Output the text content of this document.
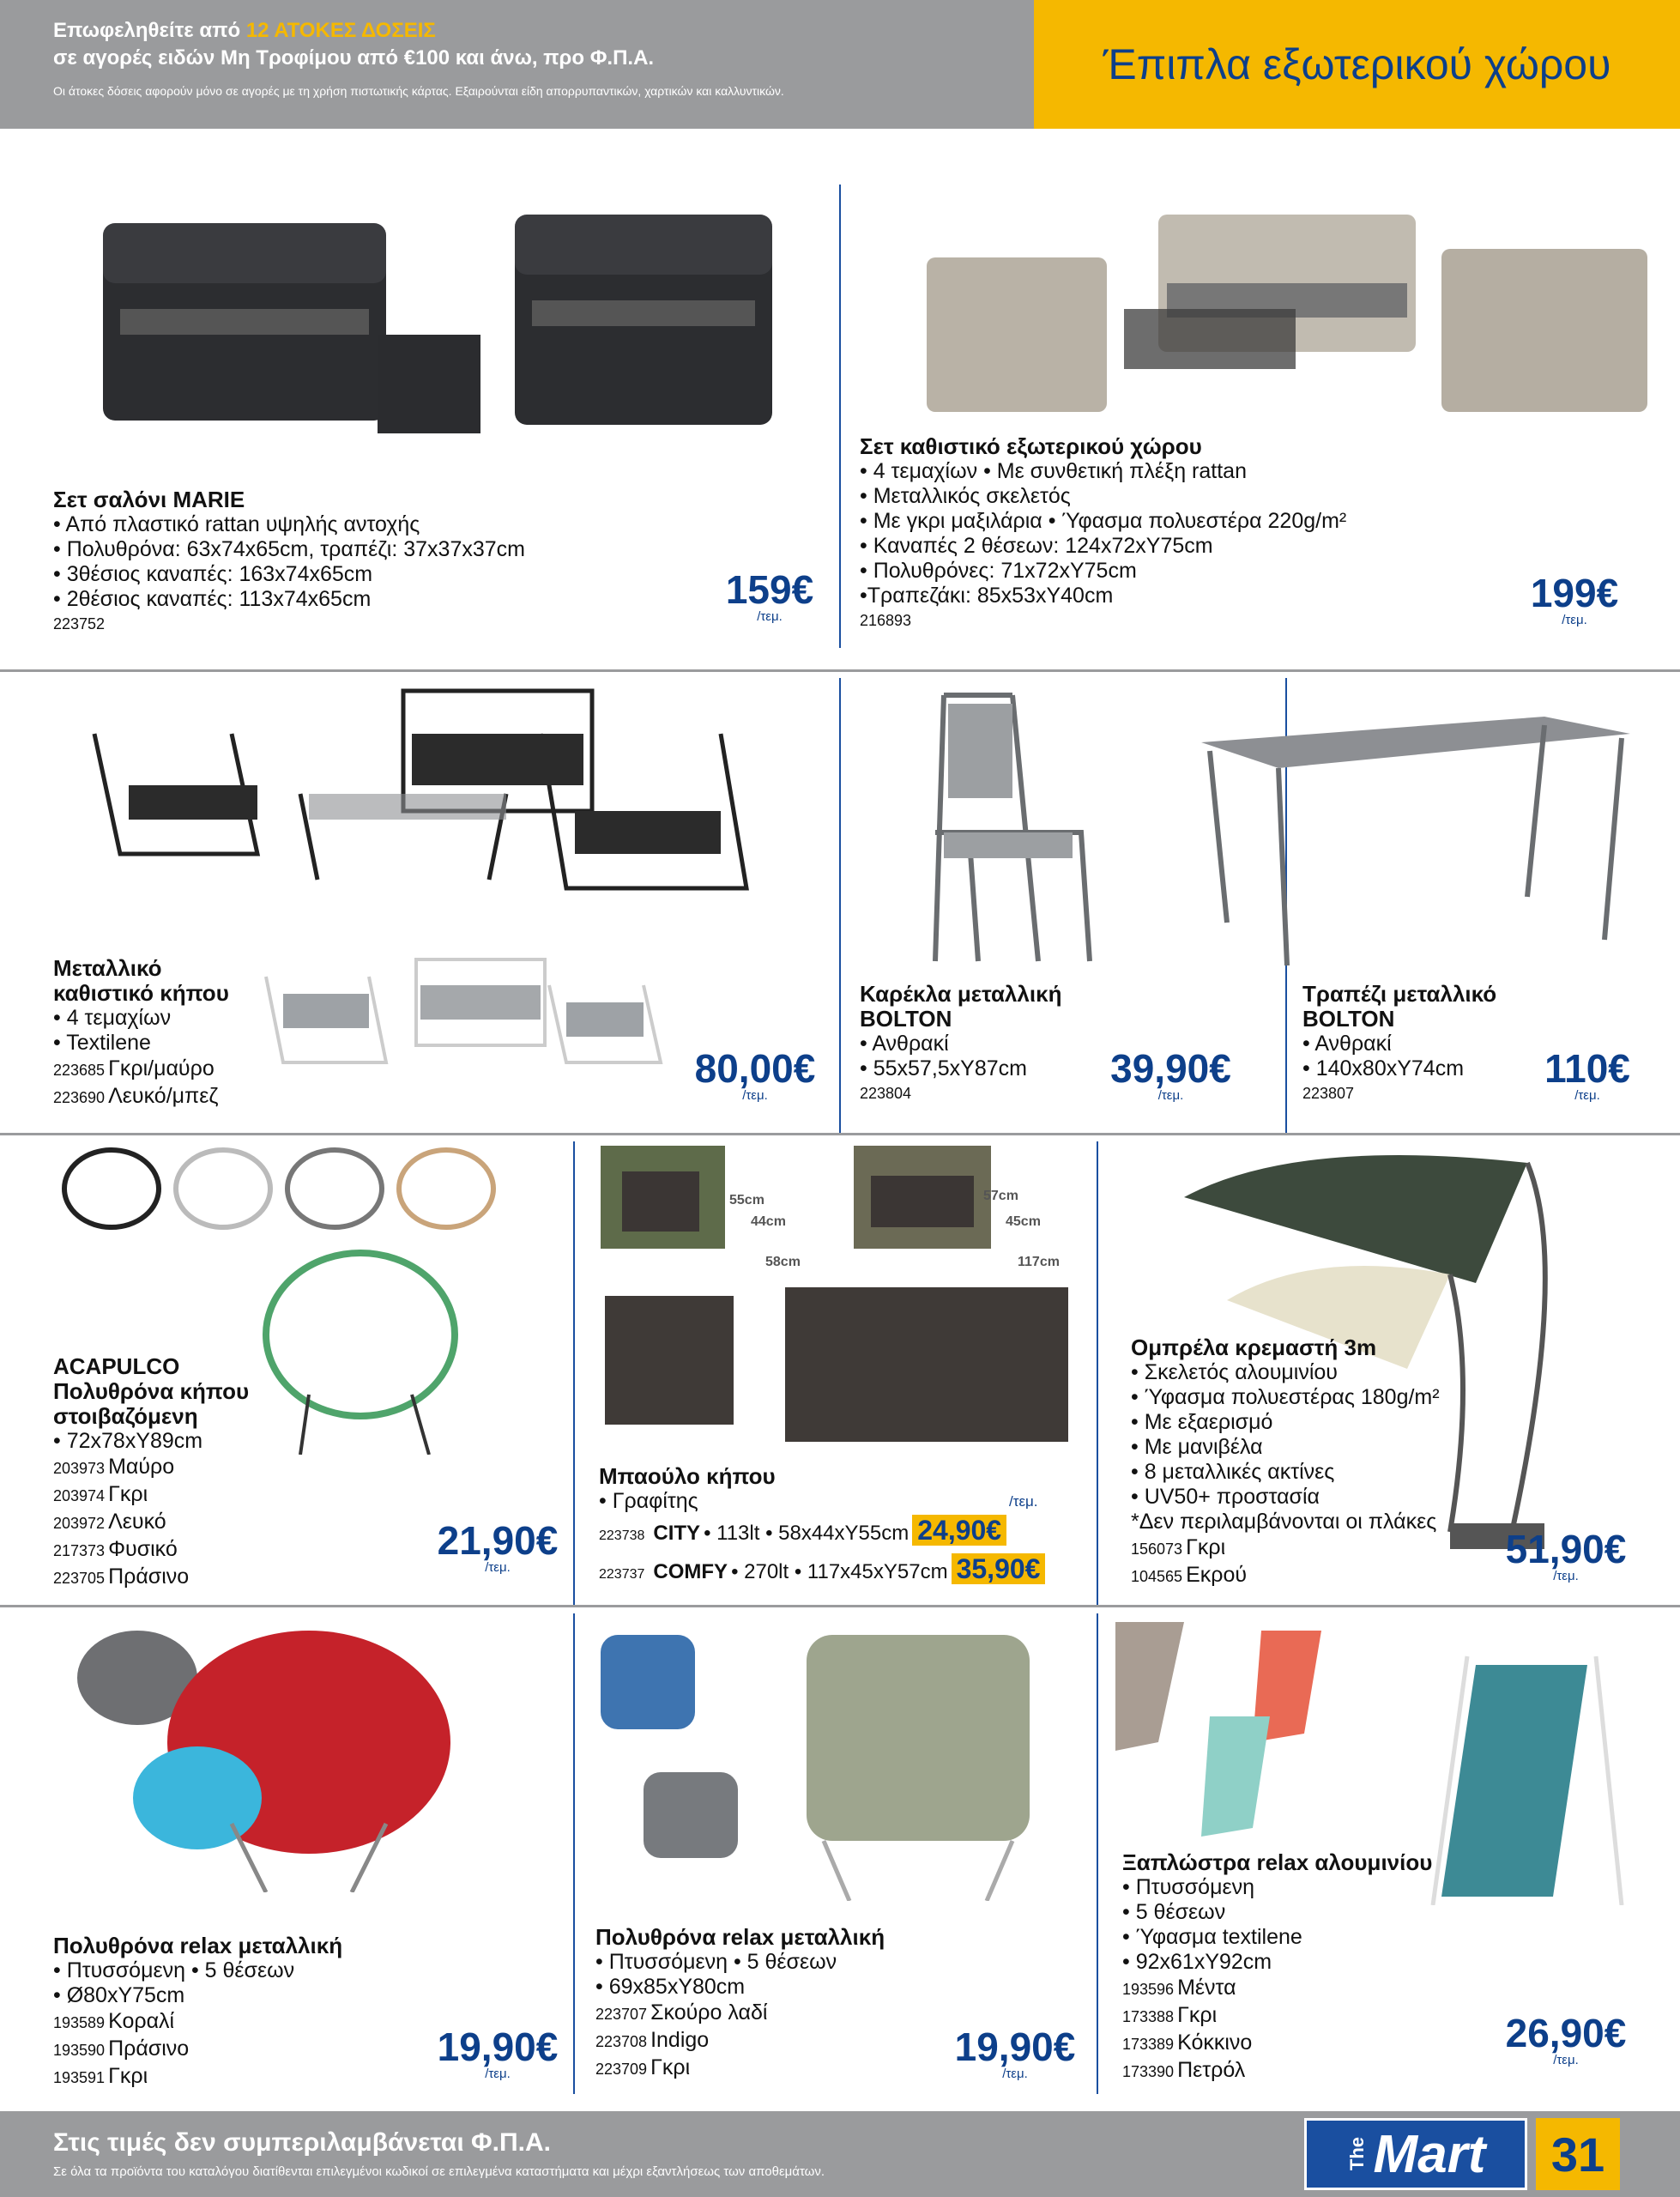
Επωφεληθείτε από 12 ΑΤΟΚΕΣ ΔΟΣΕΙΣ
σε αγορές ειδών Μη Τροφίμου από €100 και άνω, προ Φ.Π.Α.
Οι άτοκες δόσεις αφορούν μόνο σε αγορές με τη χρήση πιστωτικής κάρτας. Εξαιρούνται είδη απορρυπαντικών, χαρτικών και καλλυντικών.
Έπιπλα εξωτερικού χώρου
Σετ σαλόνι MARIE
• Από πλαστικό rattan υψηλής αντοχής
• Πολυθρόνα: 63x74x65cm, τραπέζι: 37x37x37cm
• 3θέσιος καναπές: 163x74x65cm
• 2θέσιος καναπές: 113x74x65cm
223752
159€
/τεμ.
Σετ καθιστικό εξωτερικού χώρου
• 4 τεμαχίων • Με συνθετική πλέξη rattan
• Μεταλλικός σκελετός
• Με γκρι μαξιλάρια • Ύφασμα πολυεστέρα 220g/m²
• Καναπές 2 θέσεων: 124x72xΥ75cm
• Πολυθρόνες: 71x72xΥ75cm
•Τραπεζάκι: 85x53xΥ40cm
216893
199€
/τεμ.
Μεταλλικό
καθιστικό κήπου
• 4 τεμαχίων
• Textilene
223685 Γκρι/μαύρο
223690 Λευκό/μπεζ
80,00€
/τεμ.
Καρέκλα μεταλλική
BOLTON
• Ανθρακί
• 55x57,5xΥ87cm
223804
39,90€
/τεμ.
Τραπέζι μεταλλικό
BOLTON
• Ανθρακί
• 140x80xΥ74cm
223807
110€
/τεμ.
ACAPULCO
Πολυθρόνα κήπου
στοιβαζόμενη
• 72x78xΥ89cm
203973 Μαύρο
203974 Γκρι
203972 Λευκό
217373 Φυσικό
223705 Πράσινο
21,90€
/τεμ.
55cm
44cm
58cm
57cm
45cm
117cm
Μπαούλο κήπου
• Γραφίτης	/τεμ.
223738 CITY • 113lt • 58x44xΥ55cm 24,90€
223737 COMFY • 270lt • 117x45xΥ57cm 35,90€
Ομπρέλα κρεμαστή 3m
• Σκελετός αλουμινίου
• Ύφασμα πολυεστέρας 180g/m²
• Με εξαερισμό
• Με μανιβέλα
• 8 μεταλλικές ακτίνες
• UV50+ προστασία
*Δεν περιλαμβάνονται οι πλάκες
156073 Γκρι
104565 Εκρού
51,90€
/τεμ.
Πολυθρόνα relax μεταλλική
• Πτυσσόμενη • 5 θέσεων
• Ø80xΥ75cm
193589 Κοραλί
193590 Πράσινο
193591 Γκρι
19,90€
/τεμ.
Πολυθρόνα relax μεταλλική
• Πτυσσόμενη • 5 θέσεων
• 69x85xΥ80cm
223707 Σκούρο λαδί
223708 Indigo
223709 Γκρι	19,90€
/τεμ.
Ξαπλώστρα relax αλουμινίου
• Πτυσσόμενη
• 5 θέσεων
• Ύφασμα textilene
• 92x61xΥ92cm
193596 Μέντα
173388 Γκρι
173389 Κόκκινο
173390 Πετρόλ
26,90€
/τεμ.
Στις τιμές δεν συμπεριλαμβάνεται Φ.Π.Α.
Σε όλα τα προϊόντα του καταλόγου διατίθενται επιλεγμένοι κωδικοί σε επιλεγμένα καταστήματα και μέχρι εξαντλήσεως των αποθεμάτων.
The Mart	31
